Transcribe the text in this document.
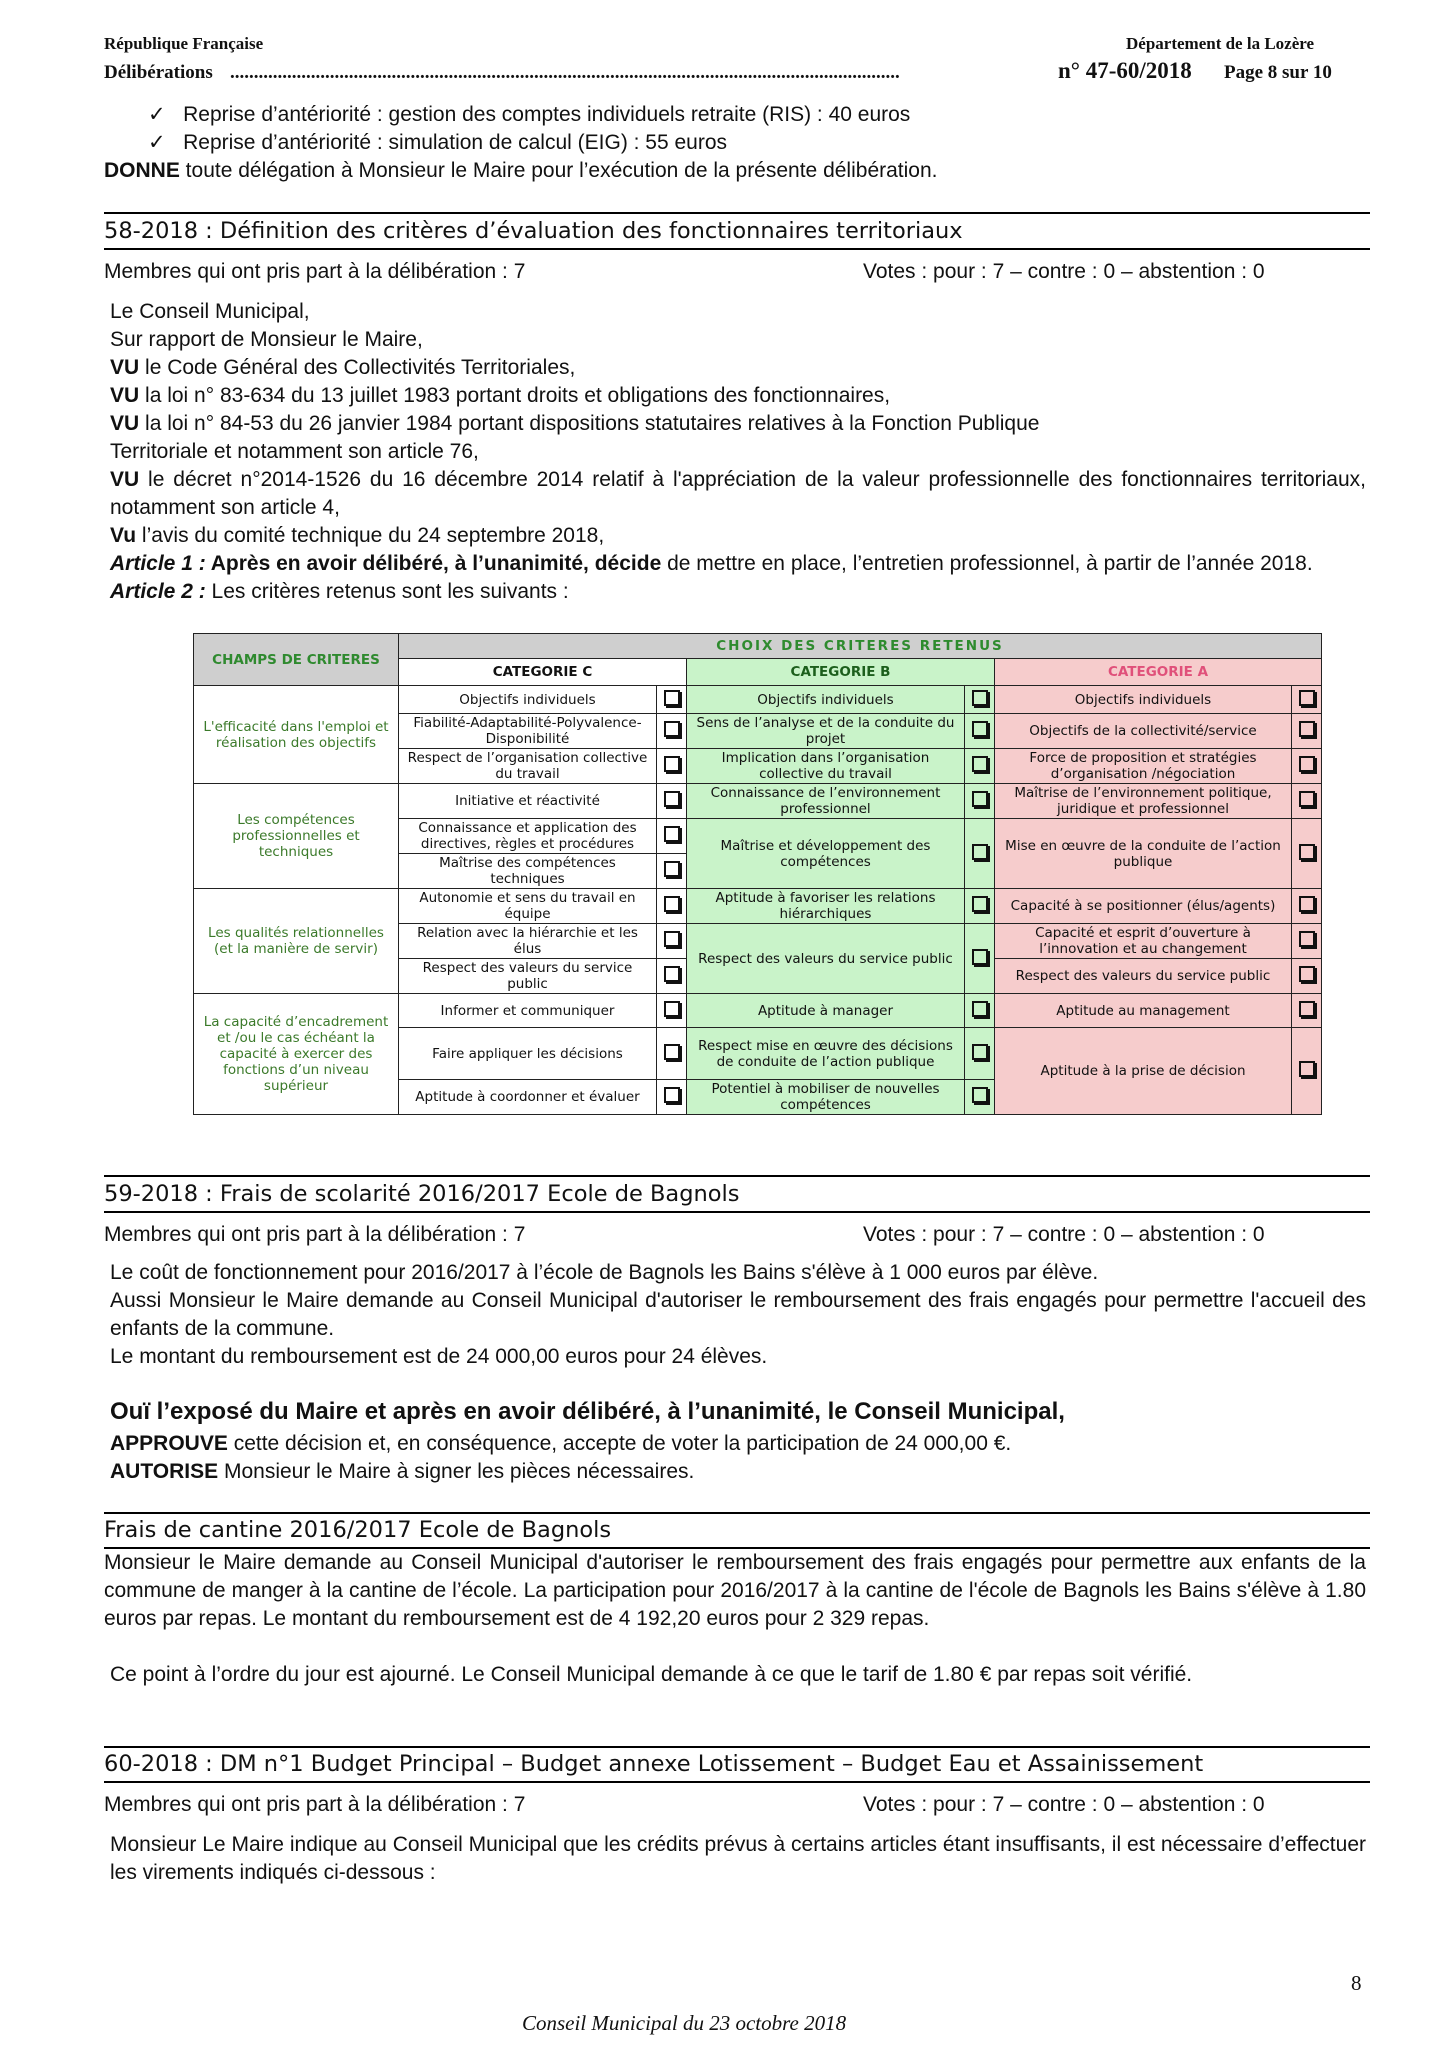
République Française	Département de la Lozère
Délibérations .............................................................................................................................................	n° 47-60/2018 Page 8 sur 10
✓ Reprise d’antériorité : gestion des comptes individuels retraite (RIS) : 40 euros
✓ Reprise d’antériorité : simulation de calcul (EIG) : 55 euros
DONNE toute délégation à Monsieur le Maire pour l’exécution de la présente délibération.
58-2018 : Définition des critères d’évaluation des fonctionnaires territoriaux
Membres qui ont pris part à la délibération : 7	Votes : pour : 7 – contre : 0 – abstention : 0
Le Conseil Municipal,
Sur rapport de Monsieur le Maire,
VU le Code Général des Collectivités Territoriales,
VU la loi n° 83-634 du 13 juillet 1983 portant droits et obligations des fonctionnaires,
VU la loi n° 84-53 du 26 janvier 1984 portant dispositions statutaires relatives à la Fonction Publique
Territoriale et notamment son article 76,
VU le décret n°2014-1526 du 16 décembre 2014 relatif à l'appréciation de la valeur professionnelle des fonctionnaires territoriaux, notamment son article 4,
Vu l’avis du comité technique du 24 septembre 2018,
Article 1 : Après en avoir délibéré, à l’unanimité, décide de mettre en place, l’entretien professionnel, à partir de l’année 2018.
Article 2 : Les critères retenus sont les suivants :
CHAMPS DE CRITERES	CHOIX DES CRITERES RETENUS					
	CATEGORIE C		CATEGORIE B		CATEGORIE A	
L'efficacité dans l'emploi et réalisation des objectifs	Objectifs individuels		Objectifs individuels		Objectifs individuels	
	Fiabilité-Adaptabilité-Polyvalence-Disponibilité		Sens de l’analyse et de la conduite du projet		Objectifs de la collectivité/service	
	Respect de l’organisation collective du travail		Implication dans l’organisation collective du travail		Force de proposition et stratégies d’organisation /négociation	
Les compétences professionnelles et techniques	Initiative et réactivité		Connaissance de l’environnement professionnel		Maîtrise de l’environnement politique, juridique et professionnel	
	Connaissance et application des directives, règles et procédures		Maîtrise et développement des compétences		Mise en œuvre de la conduite de l’action publique	
	Maîtrise des compétences techniques					
Les qualités relationnelles (et la manière de servir)	Autonomie et sens du travail en équipe		Aptitude à favoriser les relations hiérarchiques		Capacité à se positionner (élus/agents)	
	Relation avec la hiérarchie et les élus		Respect des valeurs du service public		Capacité et esprit d’ouverture à l’innovation et au changement	
	Respect des valeurs du service public				Respect des valeurs du service public	
La capacité d’encadrement et /ou le cas échéant la capacité à exercer des fonctions d’un niveau supérieur	Informer et communiquer		Aptitude à manager		Aptitude au management	
	Faire appliquer les décisions		Respect mise en œuvre des décisions de conduite de l’action publique		Aptitude à la prise de décision	
	Aptitude à coordonner et évaluer		Potentiel à mobiliser de nouvelles compétences			
59-2018 : Frais de scolarité 2016/2017 Ecole de Bagnols
Membres qui ont pris part à la délibération : 7	Votes : pour : 7 – contre : 0 – abstention : 0
Le coût de fonctionnement pour 2016/2017 à l’école de Bagnols les Bains s'élève à 1 000 euros par élève.
Aussi Monsieur le Maire demande au Conseil Municipal d'autoriser le remboursement des frais engagés pour permettre l'accueil des enfants de la commune.
Le montant du remboursement est de 24 000,00 euros pour 24 élèves.
Ouï l’exposé du Maire et après en avoir délibéré, à l’unanimité, le Conseil Municipal,
APPROUVE cette décision et, en conséquence, accepte de voter la participation de 24 000,00 €.
AUTORISE Monsieur le Maire à signer les pièces nécessaires.
Frais de cantine 2016/2017 Ecole de Bagnols
Monsieur le Maire demande au Conseil Municipal d'autoriser le remboursement des frais engagés pour permettre aux enfants de la commune de manger à la cantine de l’école. La participation pour 2016/2017 à la cantine de l'école de Bagnols les Bains s'élève à 1.80 euros par repas. Le montant du remboursement est de 4 192,20 euros pour 2 329 repas.
Ce point à l’ordre du jour est ajourné. Le Conseil Municipal demande à ce que le tarif de 1.80 € par repas soit vérifié.
60-2018 : DM n°1 Budget Principal – Budget annexe Lotissement – Budget Eau et Assainissement
Membres qui ont pris part à la délibération : 7	Votes : pour : 7 – contre : 0 – abstention : 0
Monsieur Le Maire indique au Conseil Municipal que les crédits prévus à certains articles étant insuffisants, il est nécessaire d’effectuer les virements indiqués ci-dessous :
8
Conseil Municipal du 23 octobre 2018
